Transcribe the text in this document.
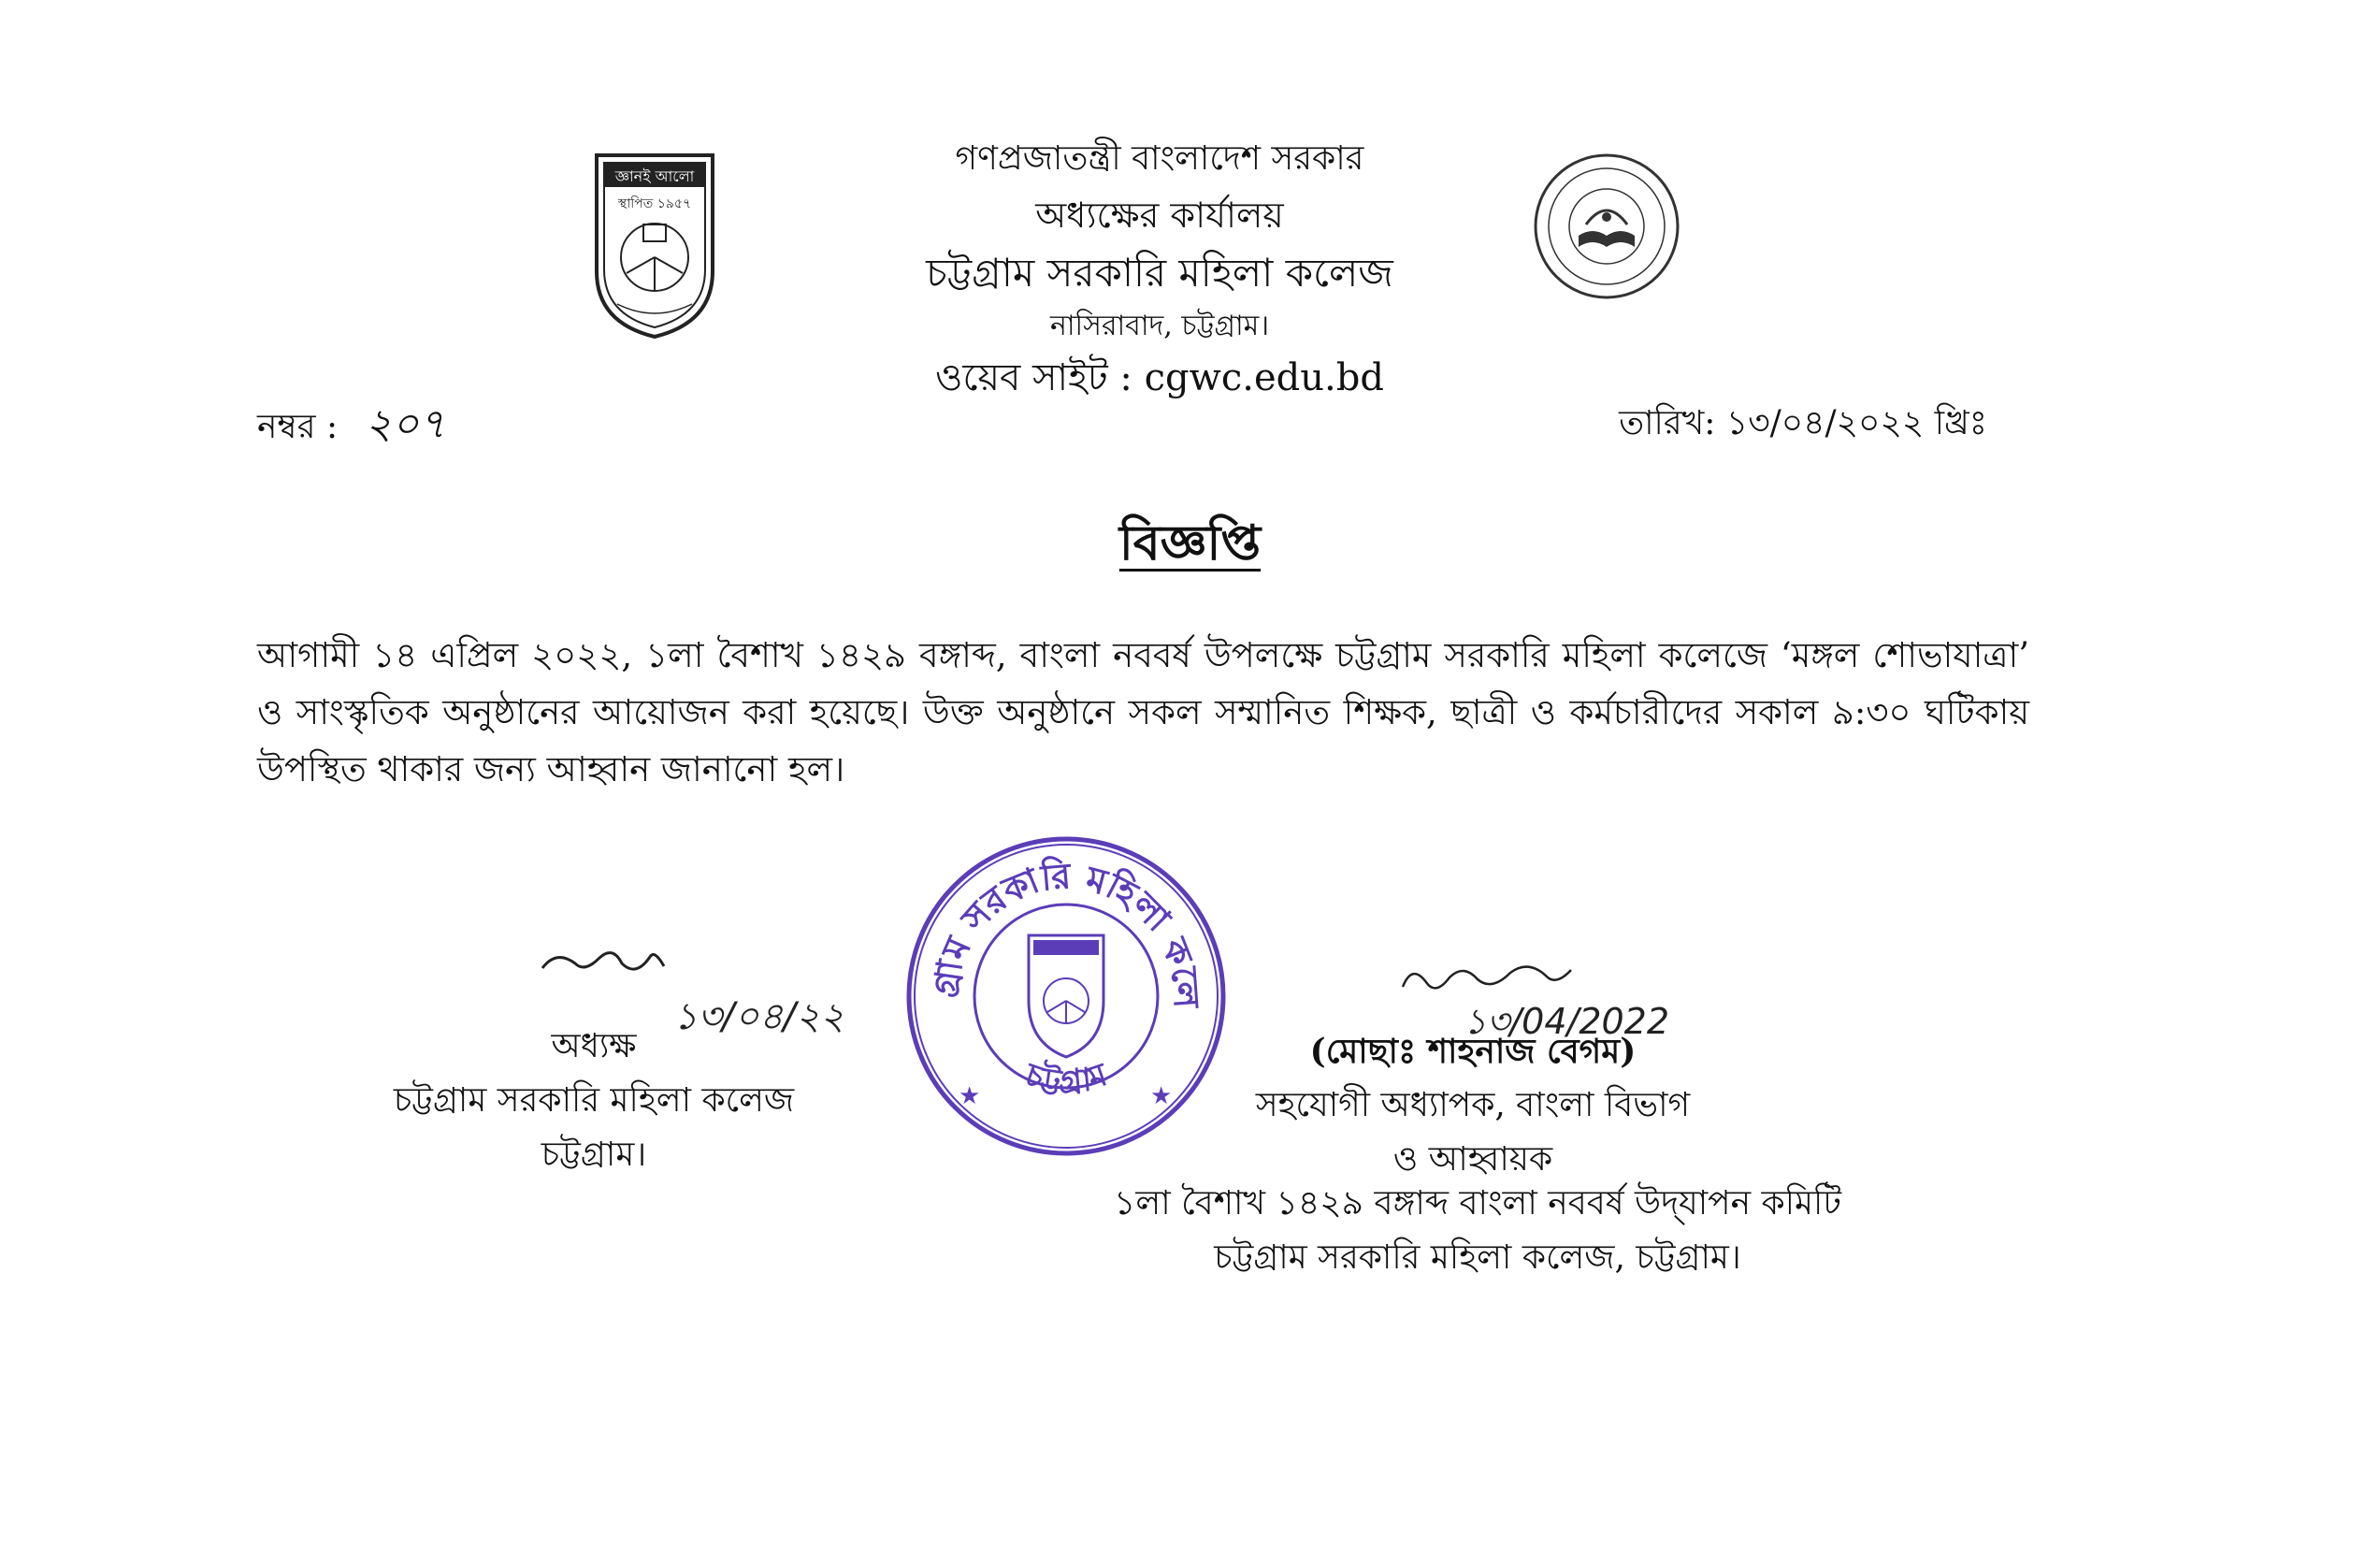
জ্ঞানই আলো
স্থাপিত ১৯৫৭
গণপ্রজাতন্ত্রী বাংলাদেশ সরকার
অধ্যক্ষের কার্যালয়
চট্টগ্রাম সরকারি মহিলা কলেজ
নাসিরাবাদ, চট্টগ্রাম।
ওয়েব সাইট : cgwc.edu.bd
নম্বর : ২০৭	তারিখ: ১৩/০৪/২০২২ খ্রিঃ
বিজ্ঞপ্তি
আগামী ১৪ এপ্রিল ২০২২, ১লা বৈশাখ ১৪২৯ বঙ্গাব্দ, বাংলা নববর্ষ উপলক্ষে চট্টগ্রাম সরকারি মহিলা কলেজে ‘মঙ্গল শোভাযাত্রা’ ও সাংস্কৃতিক অনুষ্ঠানের আয়োজন করা হয়েছে। উক্ত অনুষ্ঠানে সকল সম্মানিত শিক্ষক, ছাত্রী ও কর্মচারীদের সকাল ৯:৩০ ঘটিকায় উপস্থিত থাকার জন্য আহ্বান জানানো হল।
গ্রাম সরকারি মহিলা কলে
চট্টগ্রাম
★	★
১৩/০৪/২২
অধ্যক্ষ
চট্টগ্রাম সরকারি মহিলা কলেজ
চট্টগ্রাম।
১৩/04/2022
(মোছাঃ শাহনাজ বেগম)
সহযোগী অধ্যাপক, বাংলা বিভাগ
ও আহ্বায়ক
১লা বৈশাখ ১৪২৯ বঙ্গাব্দ বাংলা নববর্ষ উদ্‌যাপন কমিটি
চট্টগ্রাম সরকারি মহিলা কলেজ, চট্টগ্রাম।
